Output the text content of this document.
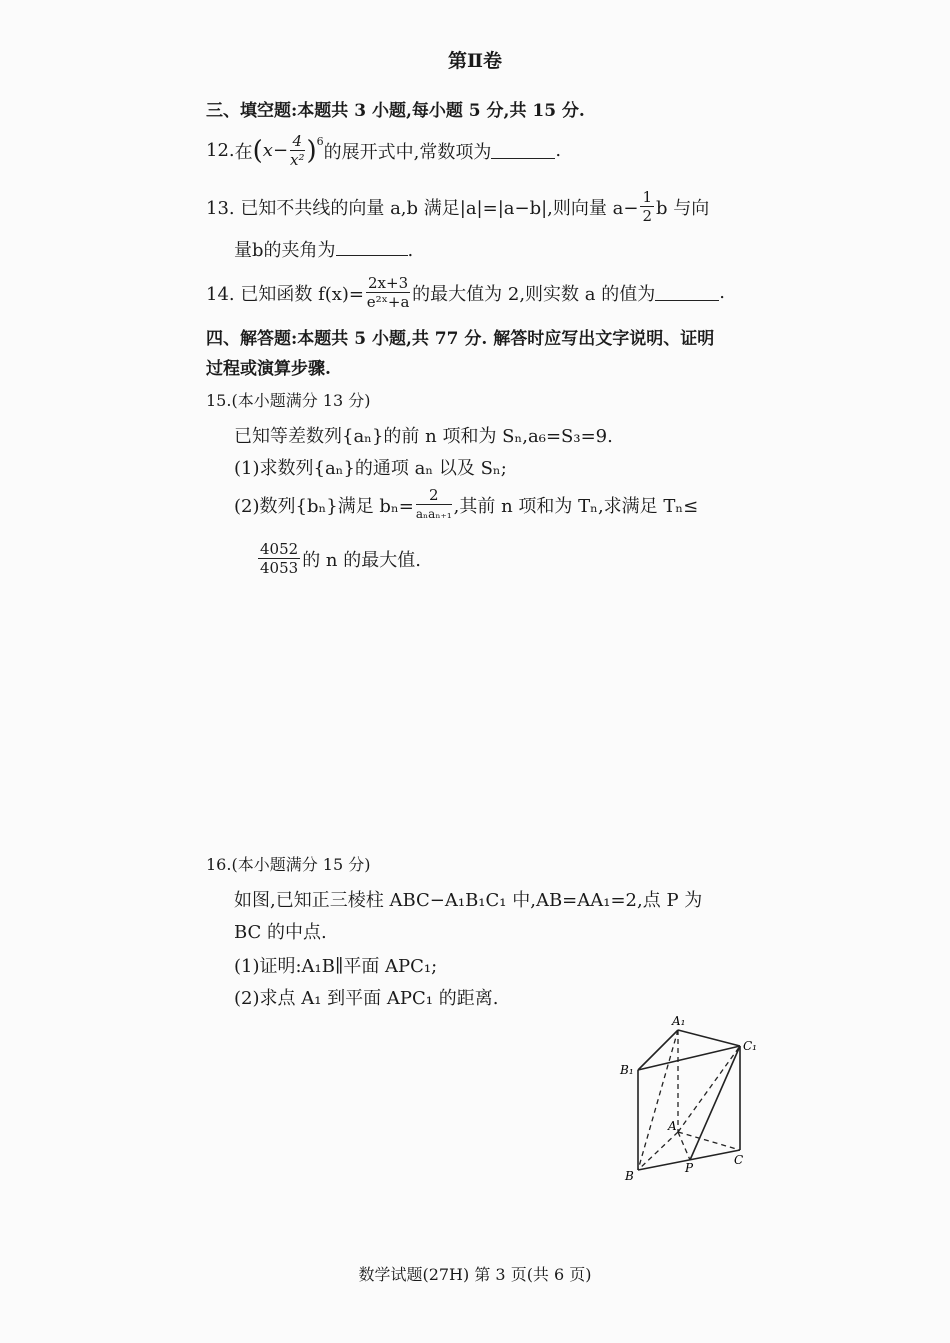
第Ⅱ卷
三、填空题:本题共 3 小题,每小题 5 分,共 15 分.
12. 在 ( $x- \frac{4}{\text{x²}} )^6$ 的展开式中,常数项为	.
13. 已知不共线的向量 a,b 满足|a|=|a−b|,则向量 $a- \frac{1}{2}$ b 与向
量b的夹角为	.
14. 已知函数 $f(x)= \frac{2x+3}{\text{e²ˣ+a}}$ 的最大值为 2,则实数 a 的值为	.
四、解答题:本题共 5 小题,共 77 分. 解答时应写出文字说明、证明
过程或演算步骤.
15.(本小题满分 13 分)
已知等差数列{aₙ}的前 n 项和为 Sₙ,a₆=S₃=9.
(1)求数列{aₙ}的通项 aₙ 以及 Sₙ;
(2)数列{bₙ}满足 $b_n= \frac{2}{\text{aₙaₙ₊₁}}$ ,其前 n 项和为 Tₙ,求满足 Tₙ≤
$\frac{4052}{4053}$ 的 n 的最大值.
16.(本小题满分 15 分)
如图,已知正三棱柱 ABC−A₁B₁C₁ 中,AB=AA₁=2,点 P 为
BC 的中点.
(1)证明:A₁B∥平面 APC₁;
(2)求点 A₁ 到平面 APC₁ 的距离.
A₁
B₁
C₁
A
B
C
P
数学试题(27H) 第 3 页(共 6 页)
